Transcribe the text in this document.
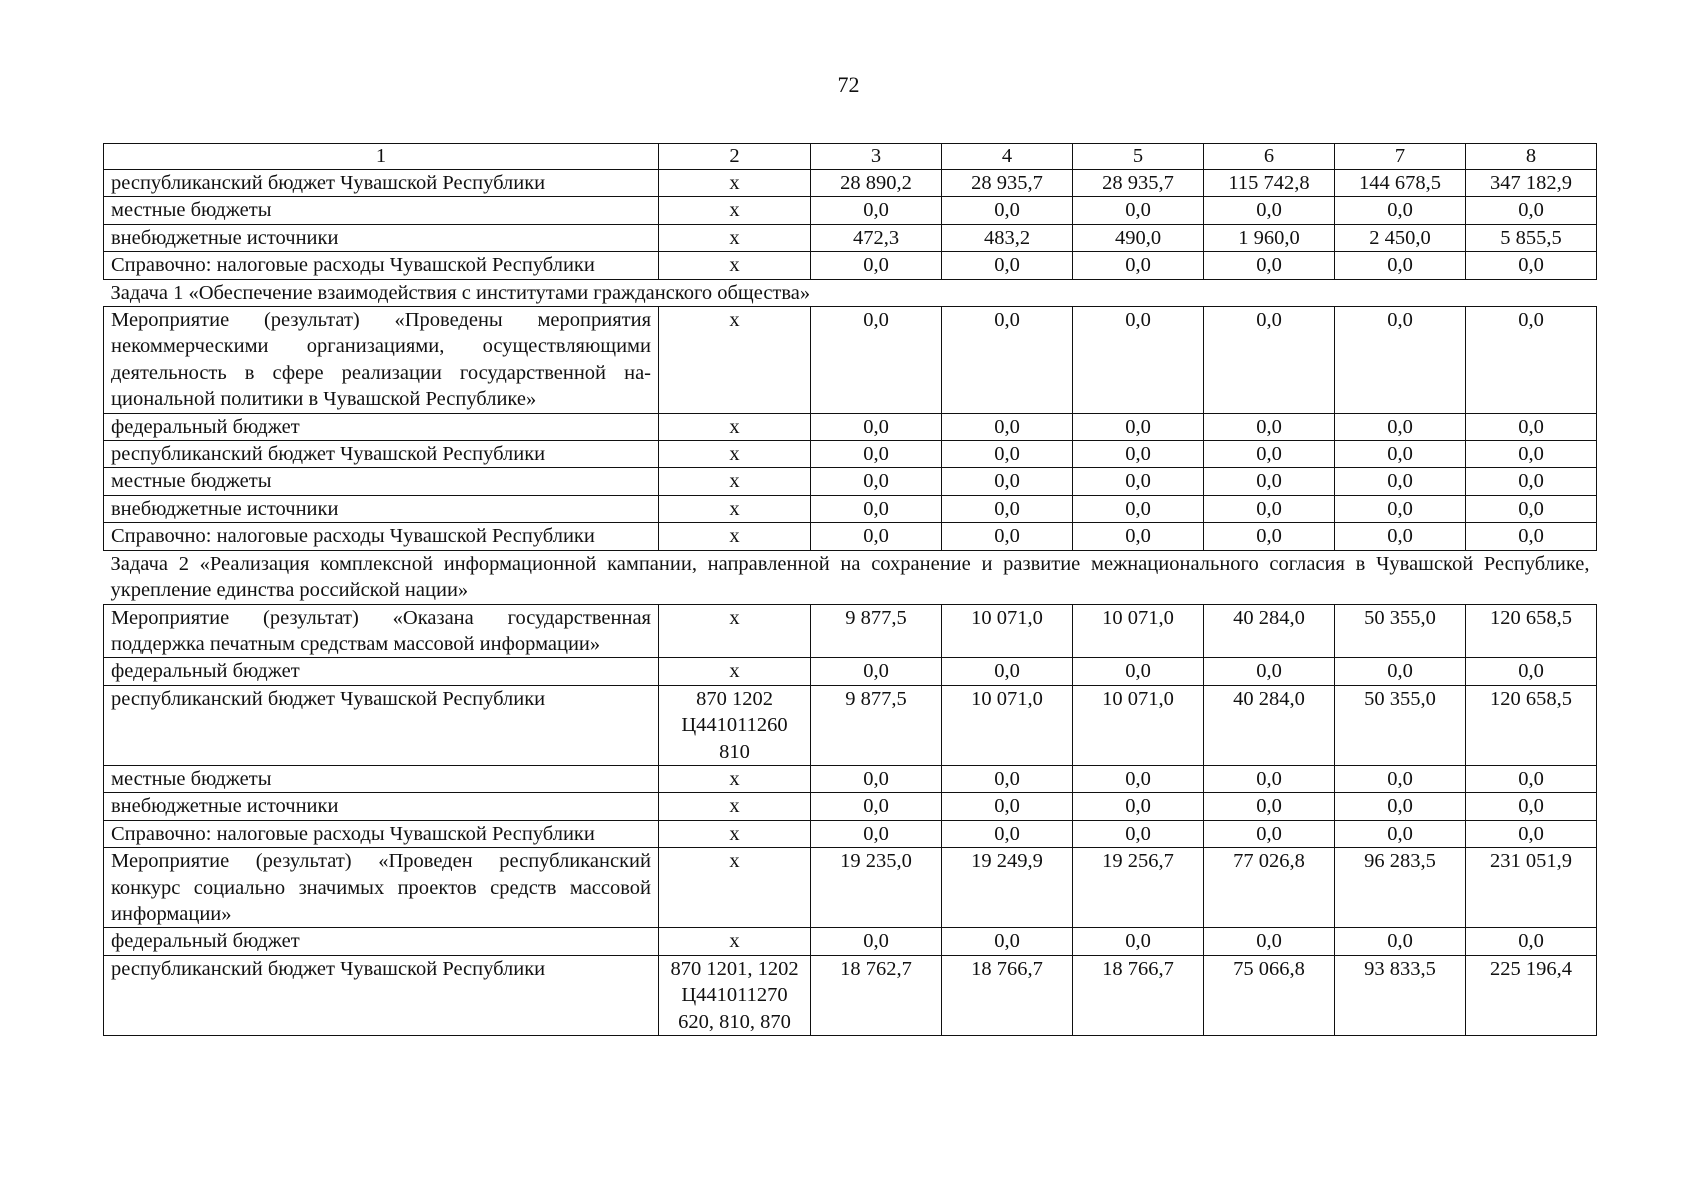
72
1	2	3	4	5	6	7	8
республиканский бюджет Чувашской Республики	х	28 890,2	28 935,7	28 935,7	115 742,8	144 678,5	347 182,9
местные бюджеты	х	0,0	0,0	0,0	0,0	0,0	0,0
внебюджетные источники	х	472,3	483,2	490,0	1 960,0	2 450,0	5 855,5
Справочно: налоговые расходы Чувашской Республики	х	0,0	0,0	0,0	0,0	0,0	0,0
Задача 1 «Обеспечение взаимодействия с институтами гражданского общества»							
Мероприятие (результат) «Проведены мероприятия некоммерческими организациями, осуществляющими деятельность в сфере реализации государственной национальной политики в Чувашской Республике»	х	0,0	0,0	0,0	0,0	0,0	0,0
федеральный бюджет	х	0,0	0,0	0,0	0,0	0,0	0,0
республиканский бюджет Чувашской Республики	х	0,0	0,0	0,0	0,0	0,0	0,0
местные бюджеты	х	0,0	0,0	0,0	0,0	0,0	0,0
внебюджетные источники	х	0,0	0,0	0,0	0,0	0,0	0,0
Справочно: налоговые расходы Чувашской Республики	х	0,0	0,0	0,0	0,0	0,0	0,0
Задача 2 «Реализация комплексной информационной кампании, направленной на сохранение и развитие межнационального согласия в Чувашской Республике, укрепление единства российской нации»							
Мероприятие (результат) «Оказана государственная поддержка печатным средствам массовой информации»	х	9 877,5	10 071,0	10 071,0	40 284,0	50 355,0	120 658,5
федеральный бюджет	х	0,0	0,0	0,0	0,0	0,0	0,0
республиканский бюджет Чувашской Республики	870 1202 Ц441011260 810	9 877,5	10 071,0	10 071,0	40 284,0	50 355,0	120 658,5
местные бюджеты	х	0,0	0,0	0,0	0,0	0,0	0,0
внебюджетные источники	х	0,0	0,0	0,0	0,0	0,0	0,0
Справочно: налоговые расходы Чувашской Республики	х	0,0	0,0	0,0	0,0	0,0	0,0
Мероприятие (результат) «Проведен республиканский конкурс социально значимых проектов средств массовой информации»	х	19 235,0	19 249,9	19 256,7	77 026,8	96 283,5	231 051,9
федеральный бюджет	х	0,0	0,0	0,0	0,0	0,0	0,0
республиканский бюджет Чувашской Республики	870 1201, 1202 Ц441011270 620, 810, 870	18 762,7	18 766,7	18 766,7	75 066,8	93 833,5	225 196,4
